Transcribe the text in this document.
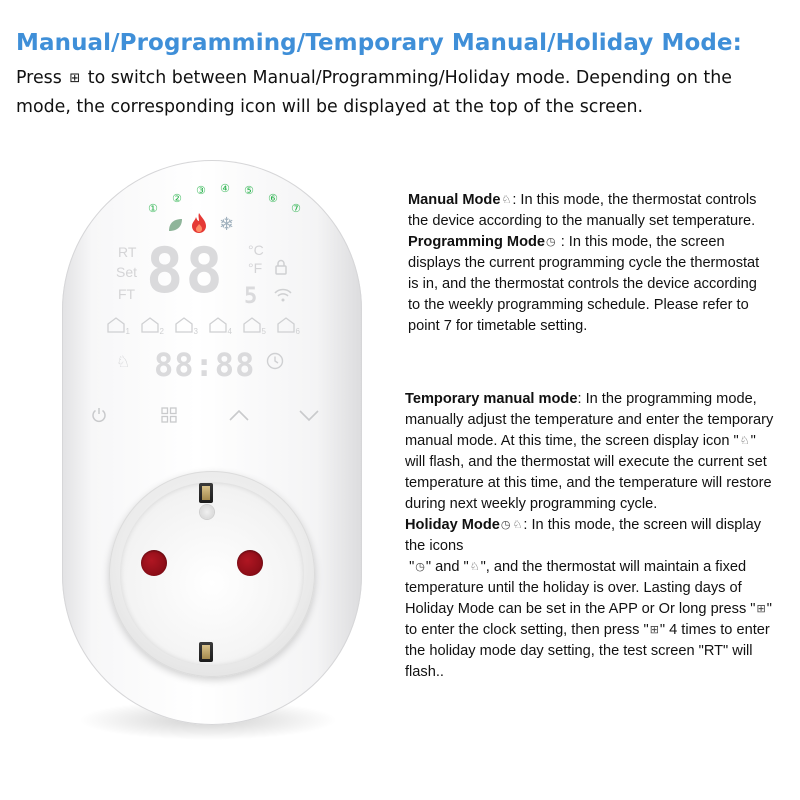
Manual/Programming/Temporary Manual/Holiday Mode:
Press ⊞ to switch between Manual/Programming/Holiday mode. Depending on the mode, the corresponding icon will be displayed at the top of the screen.
①
②
③ ④ ⑤
⑥
⑦
❄
RT
Set
FT 88 °C
°F
5
1	2	3	4	5	6
♘ 88:88
Manual Mode♘: In this mode, the thermostat controls the device according to the manually set temperature.
Programming Mode◷ : In this mode, the screen displays the current programming cycle the thermostat is in, and the thermostat controls the device according to the weekly programming schedule. Please refer to point 7 for timetable setting.
Temporary manual mode: In the programming mode, manually adjust the temperature and enter the temporary manual mode. At this time, the screen display icon "♘" will flash, and the thermostat will execute the current set temperature at this time, and the temperature will restore during next weekly programming cycle.
Holiday Mode◷ ♘: In this mode, the screen will display the icons
"◷" and "♘", and the thermostat will maintain a fixed temperature until the holiday is over. Lasting days of Holiday Mode can be set in the APP or Or long press "⊞" to enter the clock setting, then press "⊞" 4 times to enter the holiday mode day setting, the test screen "RT" will flash..
